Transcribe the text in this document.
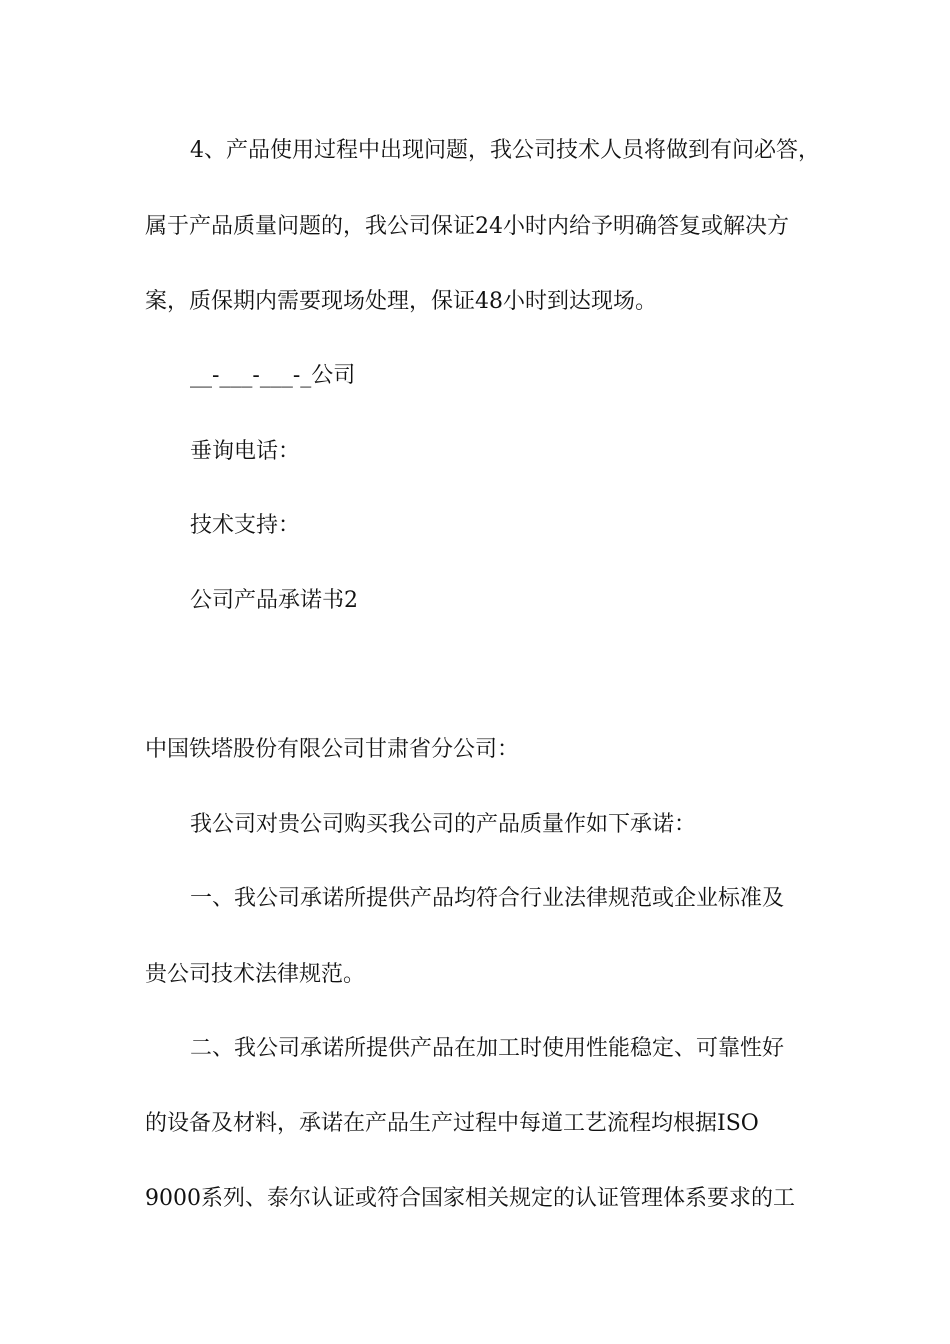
4、产品使用过程中出现问题，我公司技术人员将做到有问必答，
属于产品质量问题的，我公司保证24小时内给予明确答复或解决方
案，质保期内需要现场处理，保证48小时到达现场。
__-___-___-_公司
垂询电话：
技术支持：
公司产品承诺书2
中国铁塔股份有限公司甘肃省分公司：
我公司对贵公司购买我公司的产品质量作如下承诺：
一、我公司承诺所提供产品均符合行业法律规范或企业标准及
贵公司技术法律规范。
二、我公司承诺所提供产品在加工时使用性能稳定、可靠性好
的设备及材料，承诺在产品生产过程中每道工艺流程均根据ISO
9000系列、泰尔认证或符合国家相关规定的认证管理体系要求的工
